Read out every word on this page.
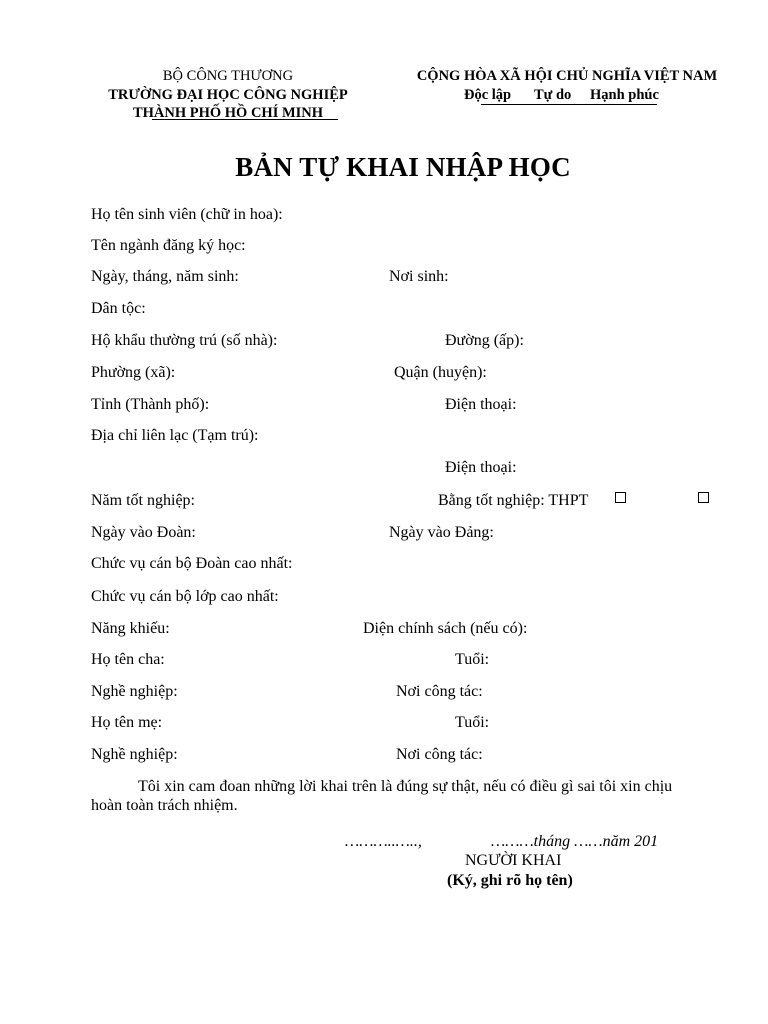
BỘ CÔNG THƯƠNG
TRƯỜNG ĐẠI HỌC CÔNG NGHIỆP
THÀNH PHỐ HỒ CHÍ MINH
CỘNG HÒA XÃ HỘI CHỦ NGHĨA VIỆT NAM
Độc lập Tự do Hạnh phúc
BẢN TỰ KHAI NHẬP HỌC
Họ tên sinh viên (chữ in hoa):
Tên ngành đăng ký học:
Ngày, tháng, năm sinh:	Nơi sinh:
Dân tộc:
Hộ khẩu thường trú (số nhà):	Đường (ấp):
Phường (xã):	Quận (huyện):
Tỉnh (Thành phố):	Điện thoại:
Địa chỉ liên lạc (Tạm trú):
Điện thoại:
Năm tốt nghiệp:	Bằng tốt nghiệp: THPT
Ngày vào Đoàn:	Ngày vào Đảng:
Chức vụ cán bộ Đoàn cao nhất:
Chức vụ cán bộ lớp cao nhất:
Năng khiếu:	Diện chính sách (nếu có):
Họ tên cha:	Tuổi:
Nghề nghiệp:	Nơi công tác:
Họ tên mẹ:	Tuổi:
Nghề nghiệp:	Nơi công tác:
Tôi xin cam đoan những lời khai trên là đúng sự thật, nếu có điều gì sai tôi xin chịu
hoàn toàn trách nhiệm.
………..…..,	………tháng ……năm 201
NGƯỜI KHAI
(Ký, ghi rõ họ tên)
